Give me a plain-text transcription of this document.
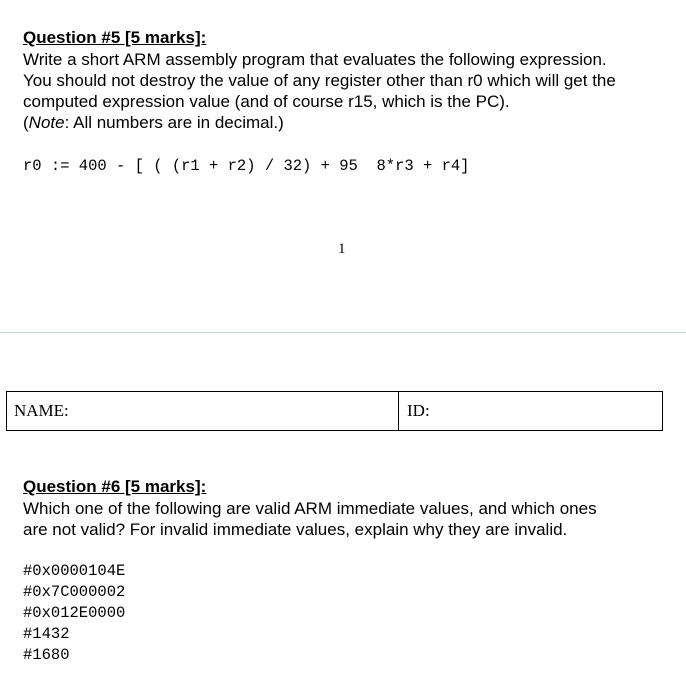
Question #5 [5 marks]:
Write a short ARM assembly program that evaluates the following expression.
You should not destroy the value of any register other than r0 which will get the
computed expression value (and of course r15, which is the PC).
(Note: All numbers are in decimal.)
r0 := 400 - [ ( (r1 + r2) / 32) + 95  8*r3 + r4]
1
NAME:	ID:
Question #6 [5 marks]:
Which one of the following are valid ARM immediate values, and which ones
are not valid? For invalid immediate values, explain why they are invalid.
#0x0000104E
#0x7C000002
#0x012E0000
#1432
#1680
